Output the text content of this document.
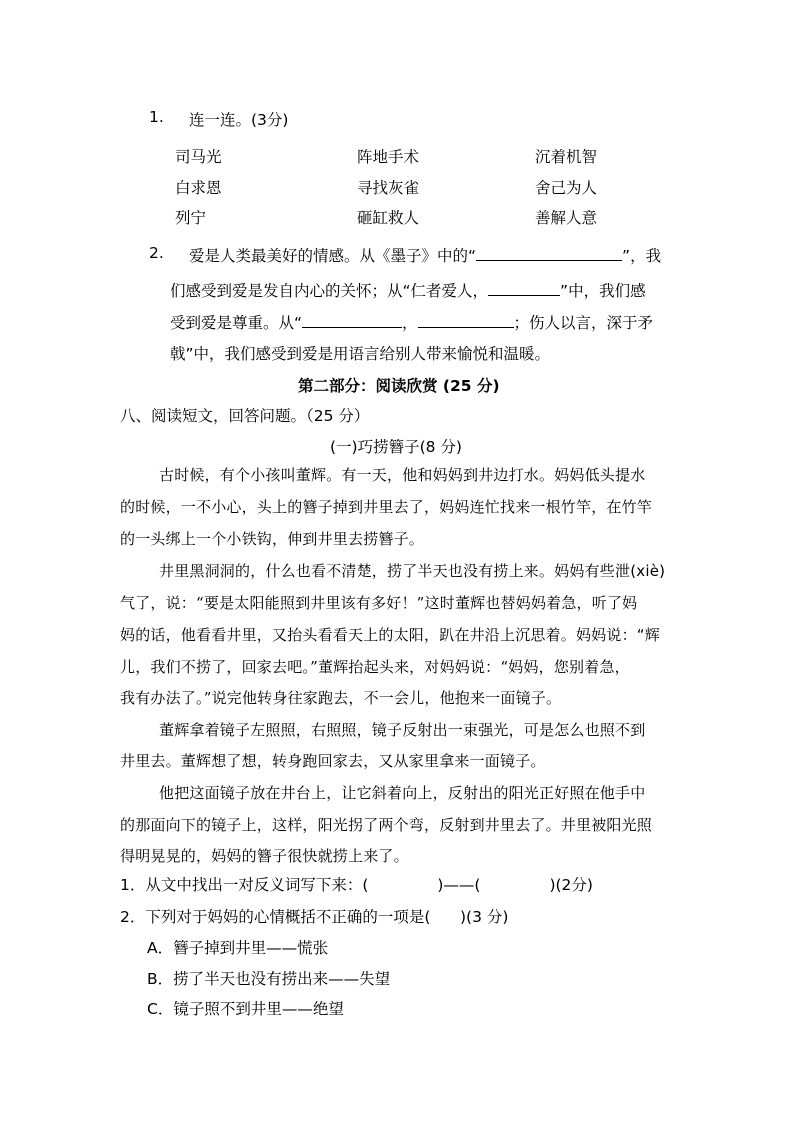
1. 连一连。(3分)
司马光	阵地手术	沉着机智
白求恩	寻找灰雀	舍己为人
列宁	砸缸救人	善解人意
2. 爱是人类最美好的情感。从《墨子》中的“	”，我
们感受到爱是发自内心的关怀；从“仁者爱人，	”中，我们感
受到爱是尊重。从“	，	；伤人以言，深于矛
戟”中，我们感受到爱是用语言给别人带来愉悦和温暖。
第二部分：阅读欣赏 (25 分)
八、阅读短文，回答问题。（25 分）
(一)巧捞簪子(8 分)
古时候，有个小孩叫董辉。有一天，他和妈妈到井边打水。妈妈低头提水
的时候，一不小心，头上的簪子掉到井里去了，妈妈连忙找来一根竹竿，在竹竿
的一头绑上一个小铁钩，伸到井里去捞簪子。
井里黑洞洞的，什么也看不清楚，捞了半天也没有捞上来。妈妈有些泄(xiè)
气了，说：“要是太阳能照到井里该有多好！”这时董辉也替妈妈着急，听了妈
妈的话，他看看井里，又抬头看看天上的太阳，趴在井沿上沉思着。妈妈说：“辉
儿，我们不捞了，回家去吧。”董辉抬起头来，对妈妈说：“妈妈，您别着急，
我有办法了。”说完他转身往家跑去，不一会儿，他抱来一面镜子。
董辉拿着镜子左照照，右照照，镜子反射出一束强光，可是怎么也照不到
井里去。董辉想了想，转身跑回家去，又从家里拿来一面镜子。
他把这面镜子放在井台上，让它斜着向上，反射出的阳光正好照在他手中
的那面向下的镜子上，这样，阳光拐了两个弯，反射到井里去了。井里被阳光照
得明晃晃的，妈妈的簪子很快就捞上来了。
1．从文中找出一对反义词写下来：(              )——(              )(2分)
2．下列对于妈妈的心情概括不正确的一项是(      )(3 分)
A．簪子掉到井里——慌张
B．捞了半天也没有捞出来——失望
C．镜子照不到井里——绝望
